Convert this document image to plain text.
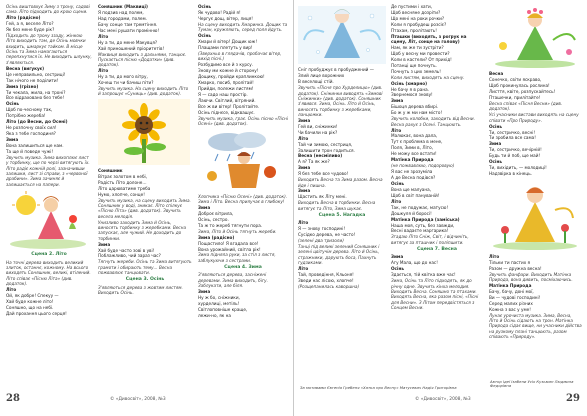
Осінь виштовхує Зиму з трону, садові сама. Літо підходить до крою сцени.

Літо (радісно)

Гей, а я, веселе Літо?

Як без мене буде рік?

Підходить до трону ззаду, жінкою Літо виходить там, де Осінь мовчки вхидить, шмаркує тайком. В місце Осінь та Зима намагаються перепхнутися їх. Не виходить шлунку, з'являються.

Весна (вигукує)

Це неправильно, сестриці!

Так нічого не поділити!

Зима (грізно)

Ти чекала, жила, на троні?

Все відраховано без тебе!

Осінь

Щоб по-чесному так,

Потрібно жереба!

Літо (до Весни, до Осені)

Не розпочну своїх сил!

Яка з тебе господиня?

Зима

Вона залишиться ще нам.

Та ще й поведе чужі!

Звучить музика. Зима вихоплює лист у торбинку, ще по черзі витягують їх. Літо радіє кожній ролі, зазначивши залишки, лист зі справи, з «червоної драбини». Зима зачиняє й залишається на папери.

Сцена 2. Літо

На точні дерева виходить великий злиток, останнє, кожному. На всього виходять Соняшник, великі, втілений. Літо співає «Пісню Літа» (див. додаток).

Літо

Ой, як добре! Спекуу —

Хай буде кожне літо!

Соняшно, що на небі.

Дай прохання цього серця!

Соняшник (Маквиці)

Я подзив над полем,

Над городами, полем.

Бачу сонце там тремтіння.

Час мені рушати промінню!

Літо

Ну а ти, до мене Макувця?

Хай приношений пріоритетів!

Маквиця виходить з дальнями, танцює. Пускається пісню «Додатки» (див. додаток).

Літо

Ну а ти, до мого вітру,

Хочеш ти чи бачиш піти?

Звучить музика. На сцену виходить Літо й запрошує «Суниць» (див. додаток).

Соняшник

Вітрає золотом в небі,

Радість Літо долоне…

Літо царюватиме треба

Нумо, хлопче, сонце!

Звучить музика, на сцену виходить Зима. Соняшник у воді, зникає. Літо спілкує «Пісню Літа» (див. додаток). Звучить весела мелодія.

Унизливо заходить Зима й Осінь, виносять торбинку з жеребками. Весна запускає, але чужий. Не доходить до торбинки.

Зима

Хай буде часто зові в уві!

Поблажливо, чий зараз час?

Тягнуть жереби. Осінь та Зима витягують грамоти і обирають тему... Весна пожвавлює танцювати.

Сцена 3. Осінь

З'являються дерева з жовтим листям. Виходить Осінь.

Осінь

Як чудово! Радій я!

Чергує дощ, вітер, лиця!

На сцену виходить Хмаринка. Дощик та Туман, кружляють, серед поля йдуть.

Осінь

Хмари й вітер! Дощик юж!

Плащами плетуть у вир!

(Зверхньо в глядачів, пробачає вітер, вихід пісні.)

Розбудимо все й з курсу.

Знову ми кожне й сторону!

Дощику, пройди краплинкою!

Хмарко, посиб, пролітай!

Прийди, полежи листям!

Я — садо наш простір.

Лаючи. Світлий, вітряний.

Все ж ви вітер! Пролітайте.

Осінь піднєсе, відквашує.

Звучить музика, грає. Осінь пісню «Пісні Осені» (див. додаток).

Хлопчика «Пісню Осені» (див. додаток). Зима і Літо. Весна прилучає в глибоку!

Зима

Доброє вітрила,

Осінь, сестро.

Та ж то жереб тягнути пора.

Зима, Літо й Осінь тягнуть жереби.

Зима (радісно)

Пощастило! Я вгадала все!

Вона урожайний, світла рік!

Зима підняла руки, за стіл з листя, заблукуючи з сестрами.

Сцена 4. Зима

З'являються дерева, засніжені деревами. Зима виходить, бігу. Заблукати, але біля.

Зима

Ну ж бо, сніжники,

хурделиці, метіль!

Світлоповніше краще,

лежи-но, як на

Сніг пробуджує в пробуджений —

Злий лице ворожних

В веселощі стій.

Звучить «Пісня про Хурделицю» (див. додаток). Сніжинки виводять «Зимові Сніжинки» (див. додаток). Соняшник з'явився. Зима, Осінь. Літо й Осінь, виносять торбинку з жеребками, ланцюжки.

Зима

Гей ви, сніжинки!

Чи бачили на рік?

Літо

Тай чи зимою, сестриця,

Залишити трон годиться.

Весна (несміливо)

А я? Та як же?

Зима

Я без тебе все чудово!

Виходить Весна та Зима разом. Весна йде і пишна.

Зима

Щастить як Літу мені.

Виходить Весна в торбинки. Весна витягує та Літо, Зима шукає.

Сцена 5. Нагадка

Літо

Я — знову господині!

Сусідко дерева, не часто!

(зелені два тризоли)

Танці під великі зелений Соняшник і зелені цвітучім дерева. Літо й Осінь, стражники, дарують боса, Пахнуть гудзиками.

Літо

Тай, проведіння, Кльоня!

Зведи нас лісою, хлопче!

(Розщепанилась каворшна)

Де пустими і хати,

Щоб весняне дозріти?

Що мені на роки рочки?

Коли я пробудеш розсіє?

Птахам, пролітають!

Пташки (виходять, з рогрук на сцену, Літ, сонце на голову)

Нам, як же ти зустріти?

Щоб у весну ми провести?

Коли в кастели? От прихід!

Потанці ще почнуть.

Почнуть з цих земель!

Коли листям, виходять на сцену.

Осінь (хмарно)

Не бачу я в рана.

Звернемося знову!

Зима

Бішоця дерева вбирі.

Бо ж у ж ми нам місто!

Звучить колобки, заходить від Весни. Весна рахує з Осені. Танцюють.

Літо

Малюкає, вона дала,

Тут є проблема в мене,

Поля, Зими в, Літо,

Не можу все встати!

Матінка Природа

(не пожвавлюю, подоровую)

Я вас не зрозуміла

А де Весна подівся?

Осінь

Вона ще малуана,

Щоб в світ пануваній!

Літо

Так, не подужає, матусю!

Дошкуля й боросі!

Матінка Природа (заміська)

Наша моя, суть, без завжди,

Весні вадаєте маргарика!

Згадаю Літо Сніж, Світ, і відчиніть, витягує за пташчик і поліпшити.

Сцена 7. Весна

Зима

Агу Мала, що до нас!

Осінь

Здається, тій квітка вже час!

Зима, Осінь та Літо підходять, як до річну одне. Звучить кінха мелодия. Виходить Весна. Соняшно та птахами. Виходять Весна, яка разом пісні, «Пісні для Весни». З Літом передвістяться з Сонцем Весни.

Весна

Сонечко, світи яскраво,

Щоб прокинулась рослина!

Лисття, квіте, розпускайтесь!

Пташечки, прилітайте!

Весна співає «Пісня Весни» (див. додаток).

Усі учасники вистави виходять на сцену співати «Про Природу».

Осінь

Ти, сестричко, весні!

Ти зробила все сама!

Зима

Ти, сестричко, вечірній!

Будь ти й поб, ще май!

Осінь

Ти, вихідить, — молодиці!

Надзвірка в кінець.

Літо

Тільки ти пастих я

Разом — дружна весна!

Звучить фанфари. Виходить Матінка Природа, вона дивить, посміхаючись.

Матінка Природа

Бачу, бачу, доні мої,

Ви — чудові господині!

Серед малих різних

Кожна з вас у уме!

Лунає урочиста музика. Зима, Весна, Літо й Осінь сідають на трон. Матінка Природа сідає вище, ни учасники дійства на рузкому плані танцюють, разом співають «Природу».

28	© «Дивосвіт», 2008, №3	29
© «Дивосвіт», 2008, №3
За мотивами Євгенія Гребеня «Хатка про Весну» Матусевич Надія Григорівна
Автор ідеї Ізабели Усіх Кузьмин Людмила Федорівна
